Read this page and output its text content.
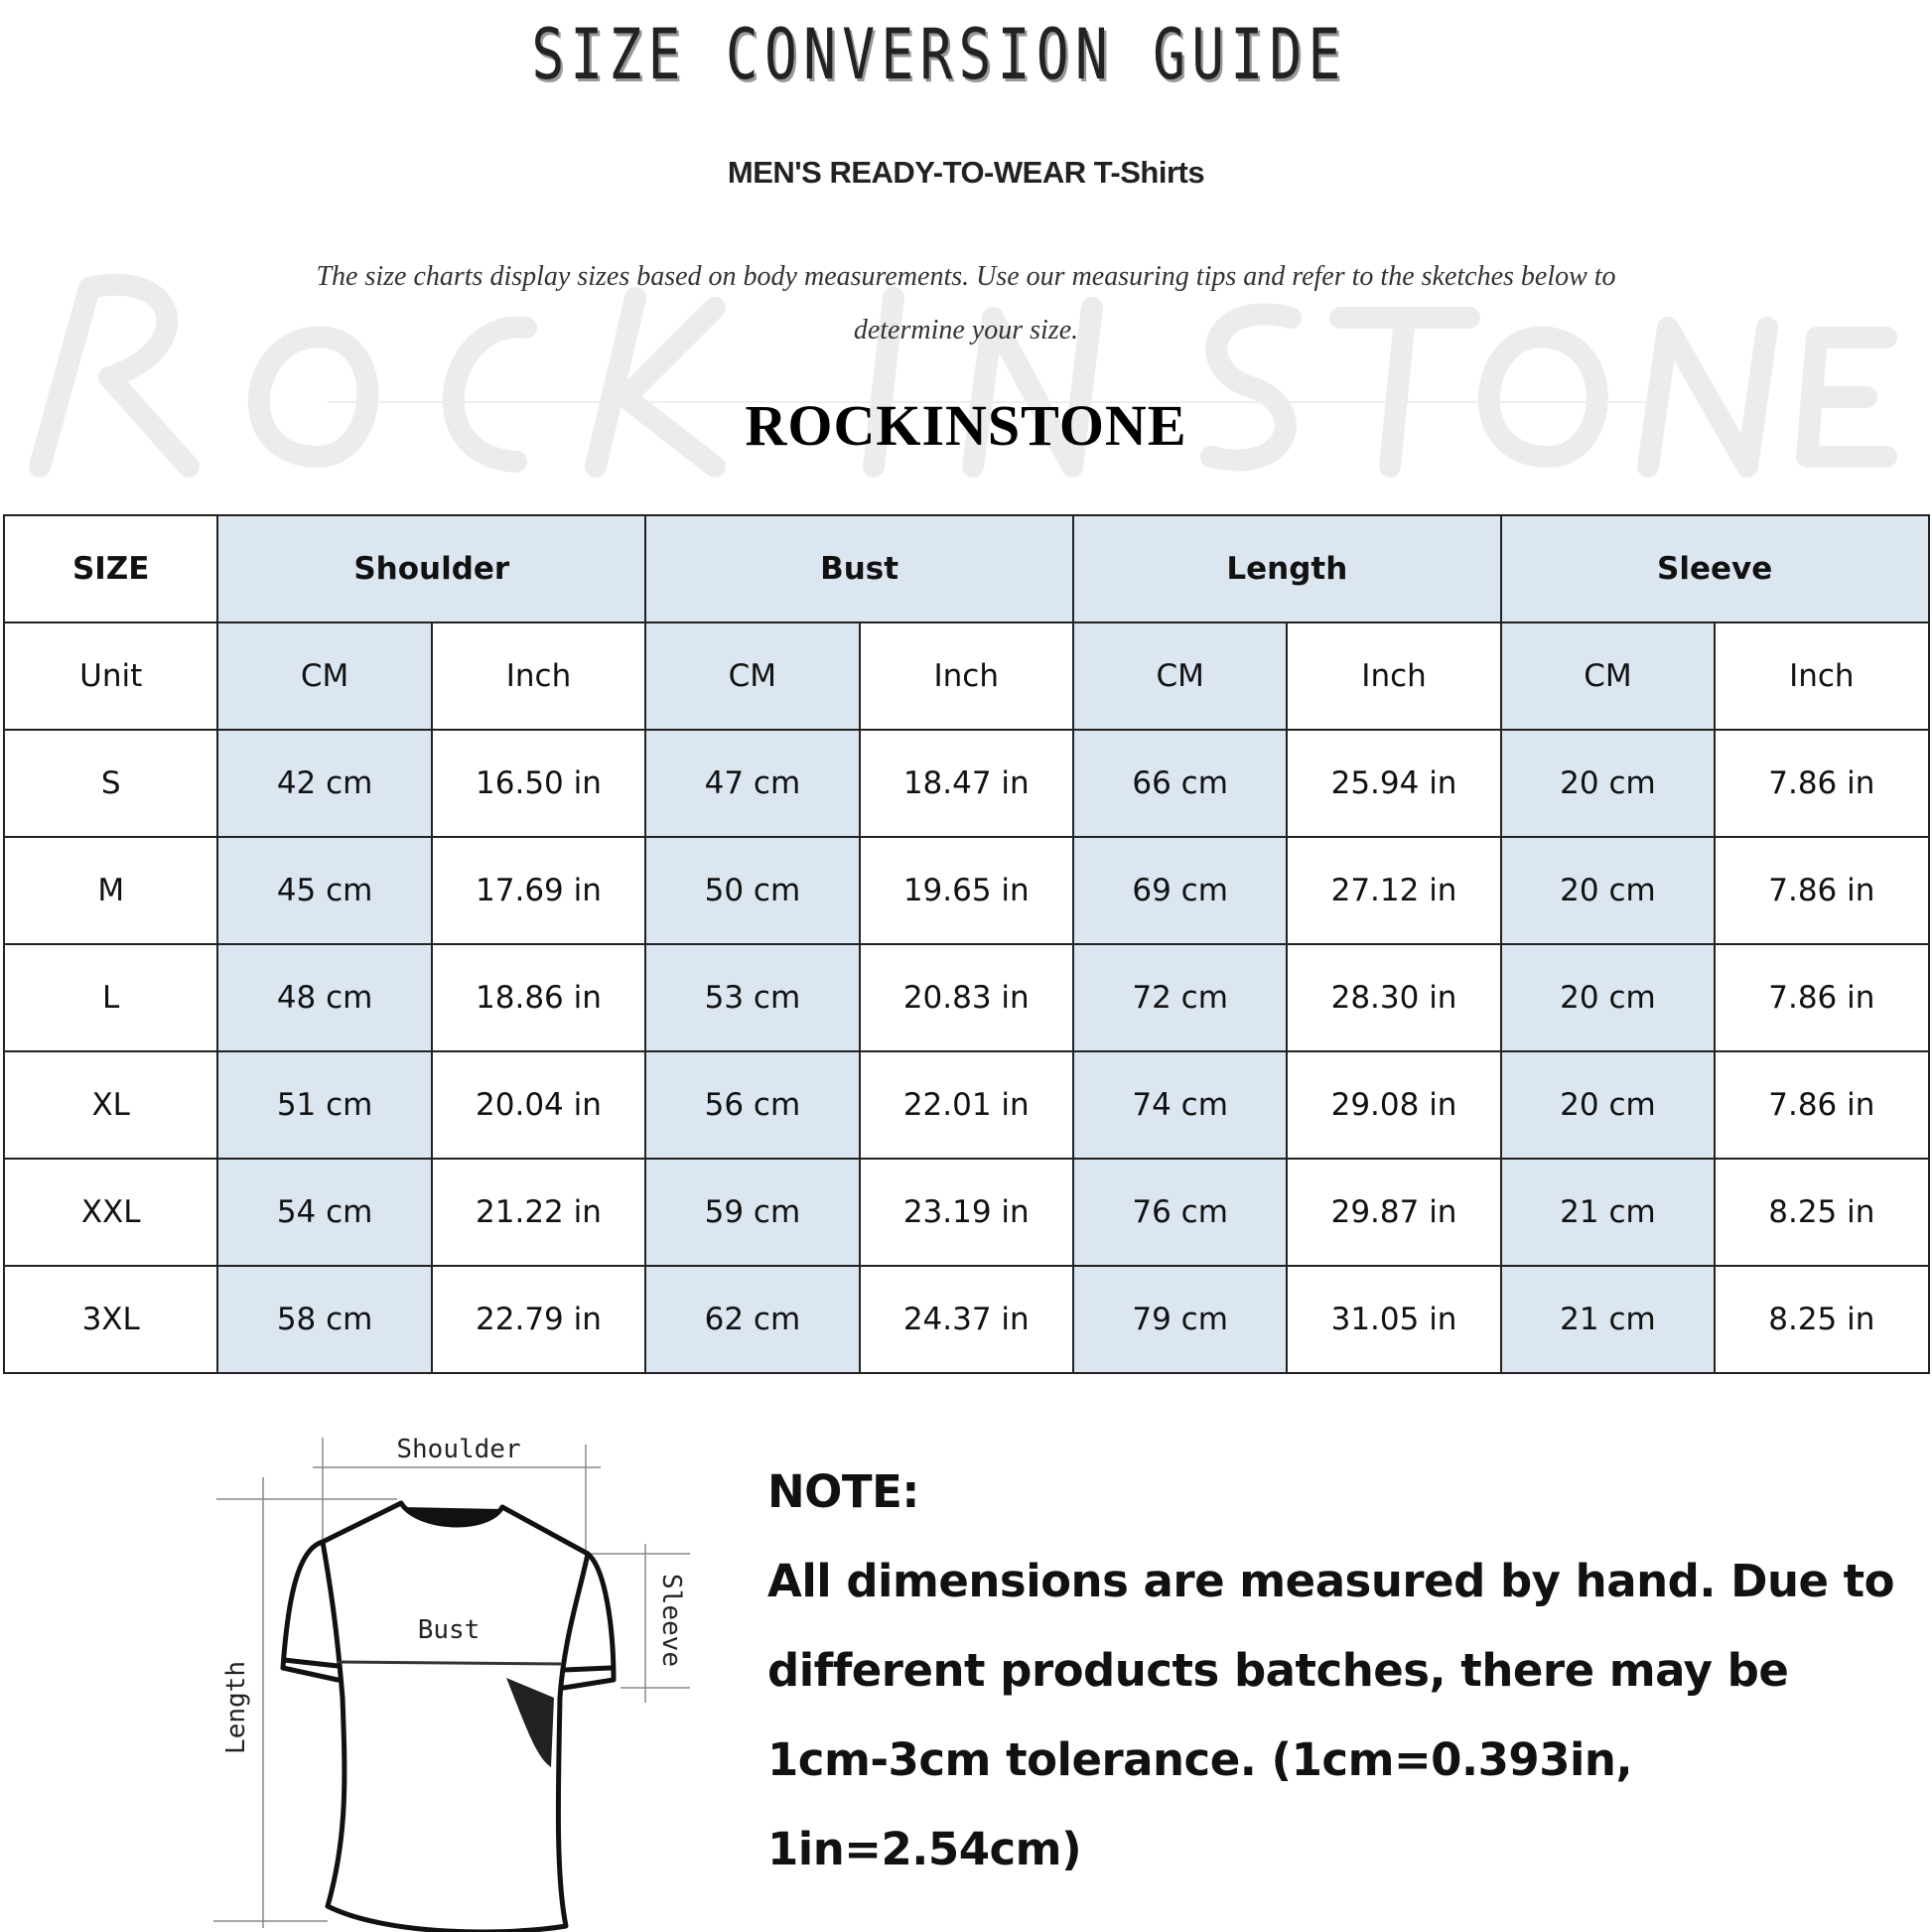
SIZE CONVERSION GUIDE
MEN'S READY-TO-WEAR T-Shirts
The size charts display sizes based on body measurements. Use our measuring tips and refer to the sketches below to determine your size.
ROCKINSTONE
SIZE	Shoulder		Bust		Length		Sleeve	
Unit	CM	Inch	CM	Inch	CM	Inch	CM	Inch
S	42 cm	16.50 in	47 cm	18.47 in	66 cm	25.94 in	20 cm	7.86 in
M	45 cm	17.69 in	50 cm	19.65 in	69 cm	27.12 in	20 cm	7.86 in
L	48 cm	18.86 in	53 cm	20.83 in	72 cm	28.30 in	20 cm	7.86 in
XL	51 cm	20.04 in	56 cm	22.01 in	74 cm	29.08 in	20 cm	7.86 in
XXL	54 cm	21.22 in	59 cm	23.19 in	76 cm	29.87 in	21 cm	8.25 in
3XL	58 cm	22.79 in	62 cm	24.37 in	79 cm	31.05 in	21 cm	8.25 in
Shoulder
Bust
Length
Sleeve
NOTE:
All dimensions are measured by hand. Due to
different products batches, there may be
1cm-3cm tolerance. (1cm=0.393in, 1in=2.54cm)
